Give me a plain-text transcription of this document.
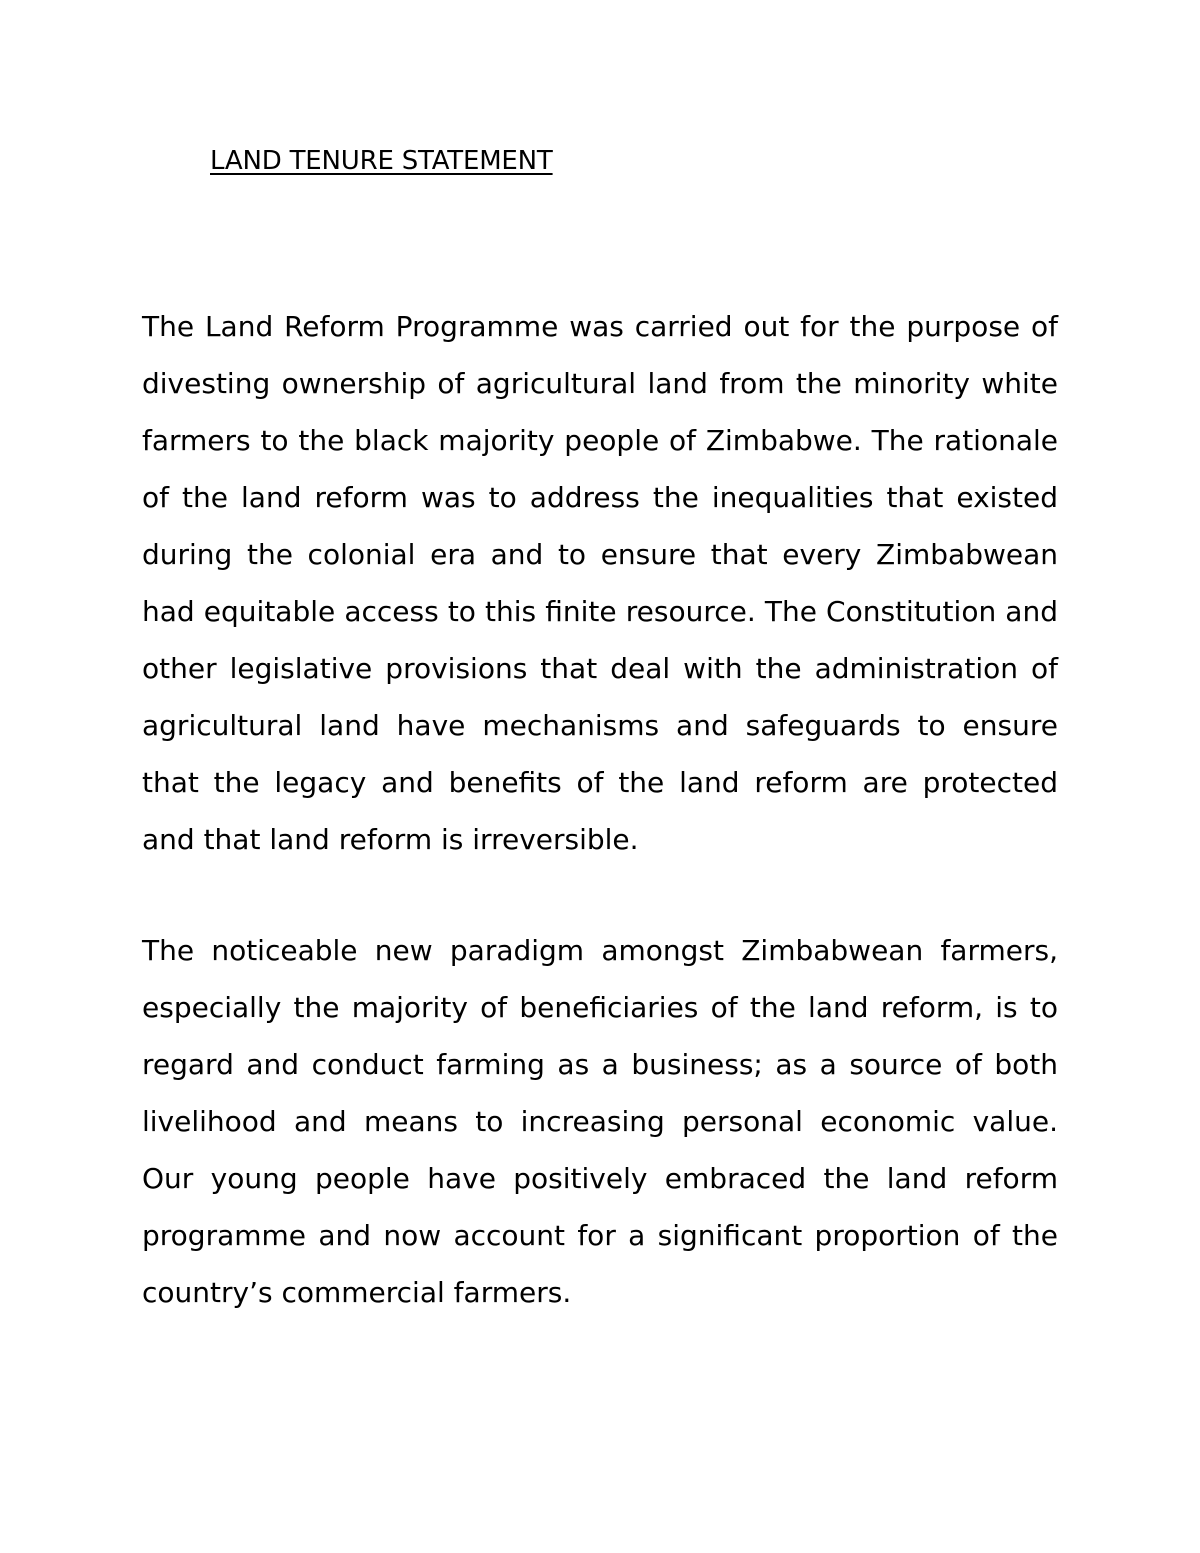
LAND TENURE STATEMENT

The Land Reform Programme was carried out for the purpose of divesting ownership of agricultural land from the minority white farmers to the black majority people of Zimbabwe. The rationale of the land reform was to address the inequalities that existed during the colonial era and to ensure that every Zimbabwean had equitable access to this finite resource. The Constitution and other legislative provisions that deal with the administration of agricultural land have mechanisms and safeguards to ensure that the legacy and benefits of the land reform are protected and that land reform is irreversible.

The noticeable new paradigm amongst Zimbabwean farmers, especially the majority of beneficiaries of the land reform, is to regard and conduct farming as a business; as a source of both livelihood and means to increasing personal economic value. Our young people have positively embraced the land reform programme and now account for a significant proportion of the country’s commercial farmers.
